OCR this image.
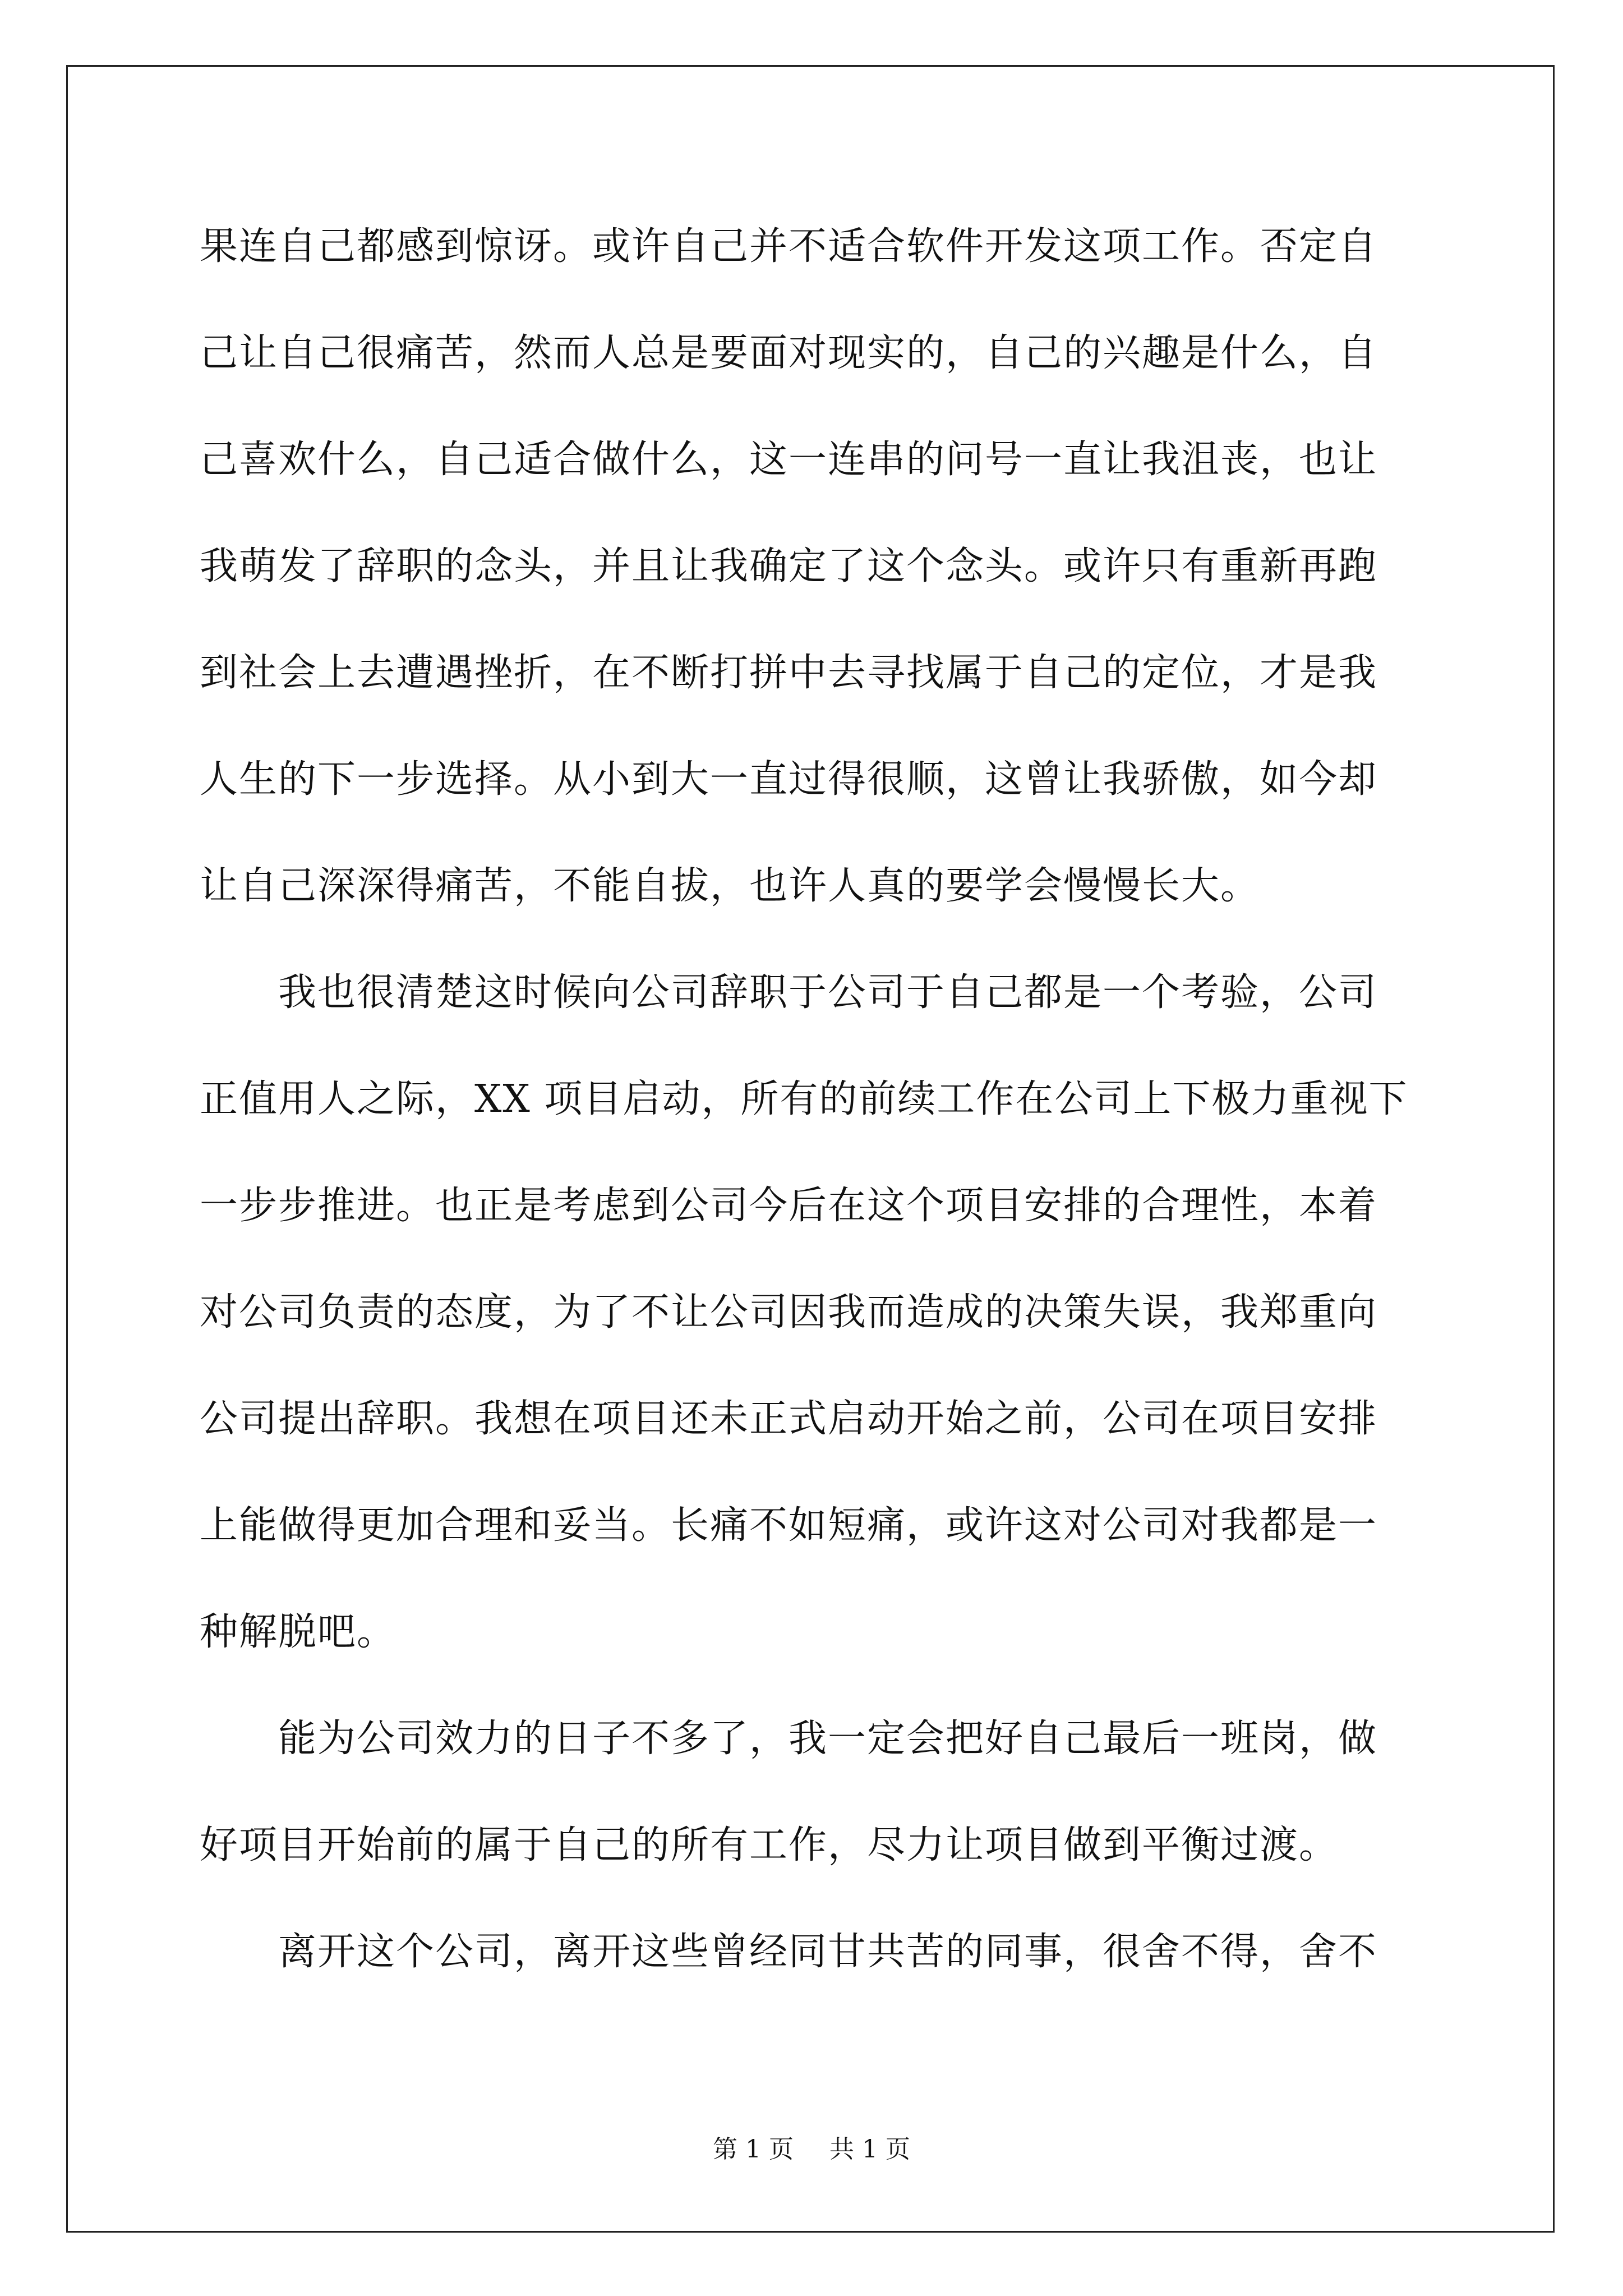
果连自己都感到惊讶。或许自己并不适合软件开发这项工作。否定自
己让自己很痛苦，然而人总是要面对现实的，自己的兴趣是什么，自
己喜欢什么，自己适合做什么，这一连串的问号一直让我沮丧，也让
我萌发了辞职的念头，并且让我确定了这个念头。或许只有重新再跑
到社会上去遭遇挫折，在不断打拼中去寻找属于自己的定位，才是我
人生的下一步选择。从小到大一直过得很顺，这曾让我骄傲，如今却
让自己深深得痛苦，不能自拔，也许人真的要学会慢慢长大。
我也很清楚这时候向公司辞职于公司于自己都是一个考验，公司
正值用人之际，XX 项目启动，所有的前续工作在公司上下极力重视下
一步步推进。也正是考虑到公司今后在这个项目安排的合理性，本着
对公司负责的态度，为了不让公司因我而造成的决策失误，我郑重向
公司提出辞职。我想在项目还未正式启动开始之前，公司在项目安排
上能做得更加合理和妥当。长痛不如短痛，或许这对公司对我都是一
种解脱吧。
能为公司效力的日子不多了，我一定会把好自己最后一班岗，做
好项目开始前的属于自己的所有工作，尽力让项目做到平衡过渡。
离开这个公司，离开这些曾经同甘共苦的同事，很舍不得，舍不
第 1 页 共 1 页
